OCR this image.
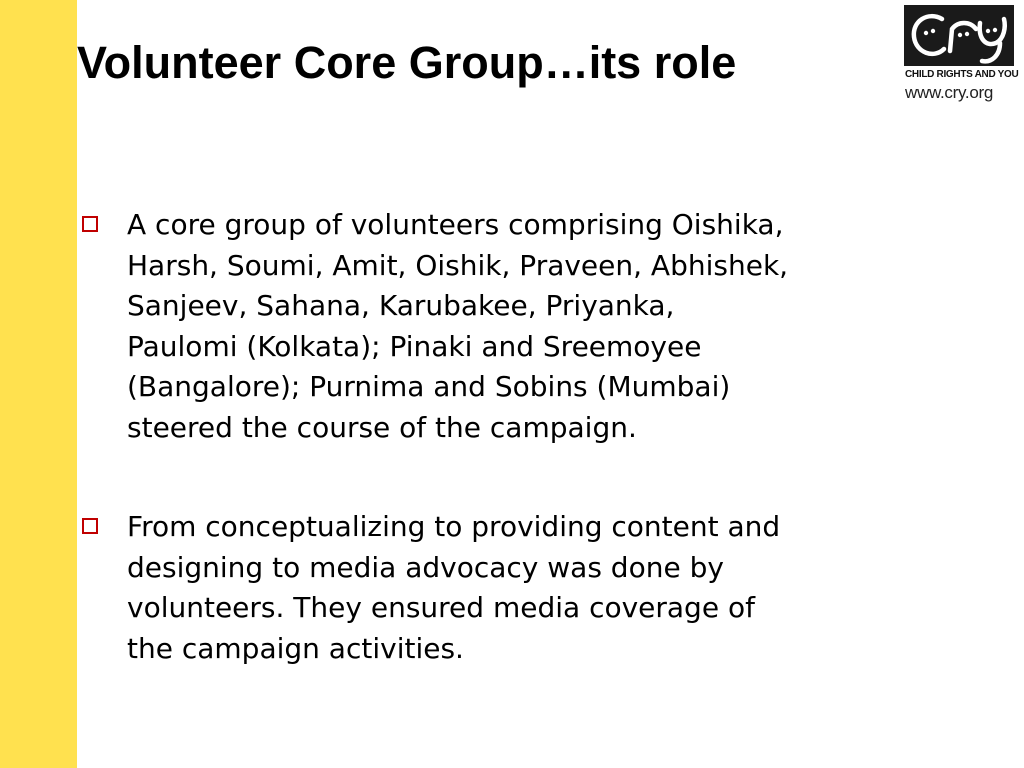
Volunteer Core Group…its role	CHILD RIGHTS AND YOU
www.cry.org
A core group of volunteers comprising Oishika,
Harsh, Soumi, Amit, Oishik, Praveen, Abhishek,
Sanjeev, Sahana, Karubakee, Priyanka,
Paulomi (Kolkata); Pinaki and Sreemoyee
(Bangalore); Purnima and Sobins (Mumbai)
steered the course of the campaign.
From conceptualizing to providing content and
designing to media advocacy was done by
volunteers. They ensured media coverage of
the campaign activities.
